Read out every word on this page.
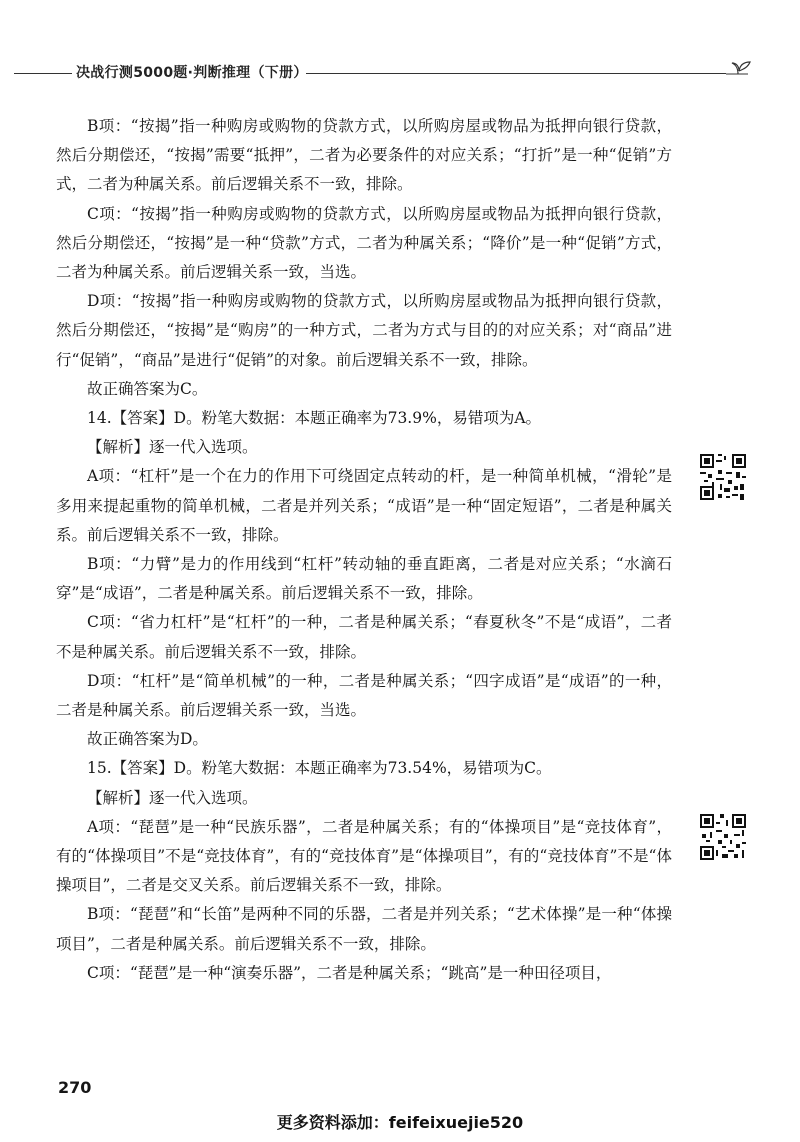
决战行测5000题·判断推理（下册）

B项：“按揭”指一种购房或购物的贷款方式，以所购房屋或物品为抵押向银行贷款，然后分期偿还，“按揭”需要“抵押”，二者为必要条件的对应关系；“打折”是一种“促销”方式，二者为种属关系。前后逻辑关系不一致，排除。

C项：“按揭”指一种购房或购物的贷款方式，以所购房屋或物品为抵押向银行贷款，然后分期偿还，“按揭”是一种“贷款”方式，二者为种属关系；“降价”是一种“促销”方式，二者为种属关系。前后逻辑关系一致，当选。

D项：“按揭”指一种购房或购物的贷款方式，以所购房屋或物品为抵押向银行贷款，然后分期偿还，“按揭”是“购房”的一种方式，二者为方式与目的的对应关系；对“商品”进行“促销”，“商品”是进行“促销”的对象。前后逻辑关系不一致，排除。

故正确答案为C。

14.【答案】D。粉笔大数据：本题正确率为73.9%，易错项为A。

【解析】逐一代入选项。

A项：“杠杆”是一个在力的作用下可绕固定点转动的杆，是一种简单机械，“滑轮”是多用来提起重物的简单机械，二者是并列关系；“成语”是一种“固定短语”，二者是种属关系。前后逻辑关系不一致，排除。

B项：“力臂”是力的作用线到“杠杆”转动轴的垂直距离，二者是对应关系；“水滴石穿”是“成语”，二者是种属关系。前后逻辑关系不一致，排除。

C项：“省力杠杆”是“杠杆”的一种，二者是种属关系；“春夏秋冬”不是“成语”，二者不是种属关系。前后逻辑关系不一致，排除。

D项：“杠杆”是“简单机械”的一种，二者是种属关系；“四字成语”是“成语”的一种，二者是种属关系。前后逻辑关系一致，当选。

故正确答案为D。

15.【答案】D。粉笔大数据：本题正确率为73.54%，易错项为C。

【解析】逐一代入选项。

A项：“琵琶”是一种“民族乐器”，二者是种属关系；有的“体操项目”是“竞技体育”，有的“体操项目”不是“竞技体育”，有的“竞技体育”是“体操项目”，有的“竞技体育”不是“体操项目”，二者是交叉关系。前后逻辑关系不一致，排除。

B项：“琵琶”和“长笛”是两种不同的乐器，二者是并列关系；“艺术体操”是一种“体操项目”，二者是种属关系。前后逻辑关系不一致，排除。

C项：“琵琶”是一种“演奏乐器”，二者是种属关系；“跳高”是一种田径项目，

270
更多资料添加：feifeixuejie520
